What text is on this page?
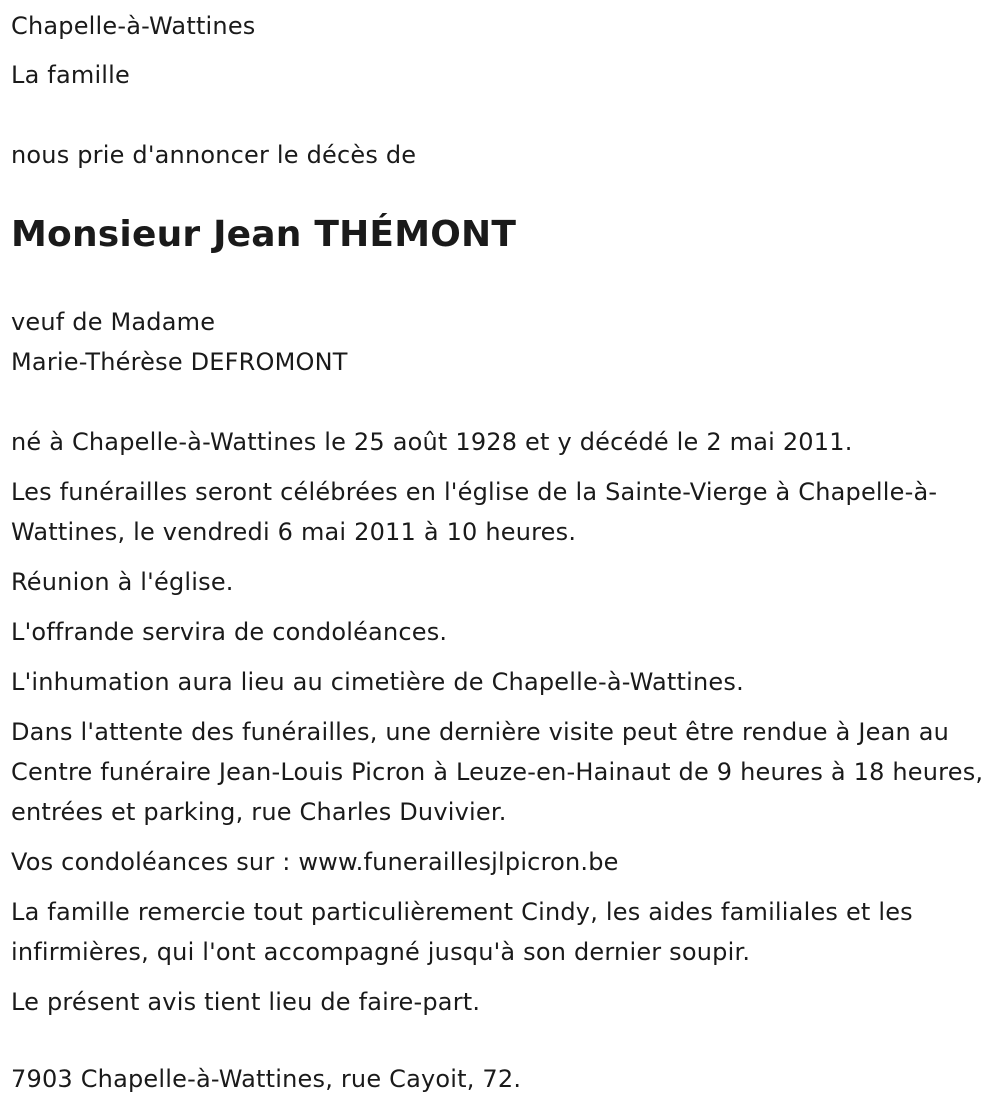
Chapelle-à-Wattines

La famille

nous prie d'annoncer le décès de

Monsieur Jean THÉMONT

veuf de Madame

Marie-Thérèse DEFROMONT

né à Chapelle-à-Wattines le 25 août 1928 et y décédé le 2 mai 2011.

Les funérailles seront célébrées en l'église de la Sainte-Vierge à Chapelle-à-Wattines, le vendredi 6 mai 2011 à 10 heures.

Réunion à l'église.

L'offrande servira de condoléances.

L'inhumation aura lieu au cimetière de Chapelle-à-Wattines.

Dans l'attente des funérailles, une dernière visite peut être rendue à Jean au Centre funéraire Jean-Louis Picron à Leuze-en-Hainaut de 9 heures à 18 heures, entrées et parking, rue Charles Duvivier.

Vos condoléances sur : www.funeraillesjlpicron.be

La famille remercie tout particulièrement Cindy, les aides familiales et les infirmières, qui l'ont accompagné jusqu'à son dernier soupir.

Le présent avis tient lieu de faire-part.

7903 Chapelle-à-Wattines, rue Cayoit, 72.
